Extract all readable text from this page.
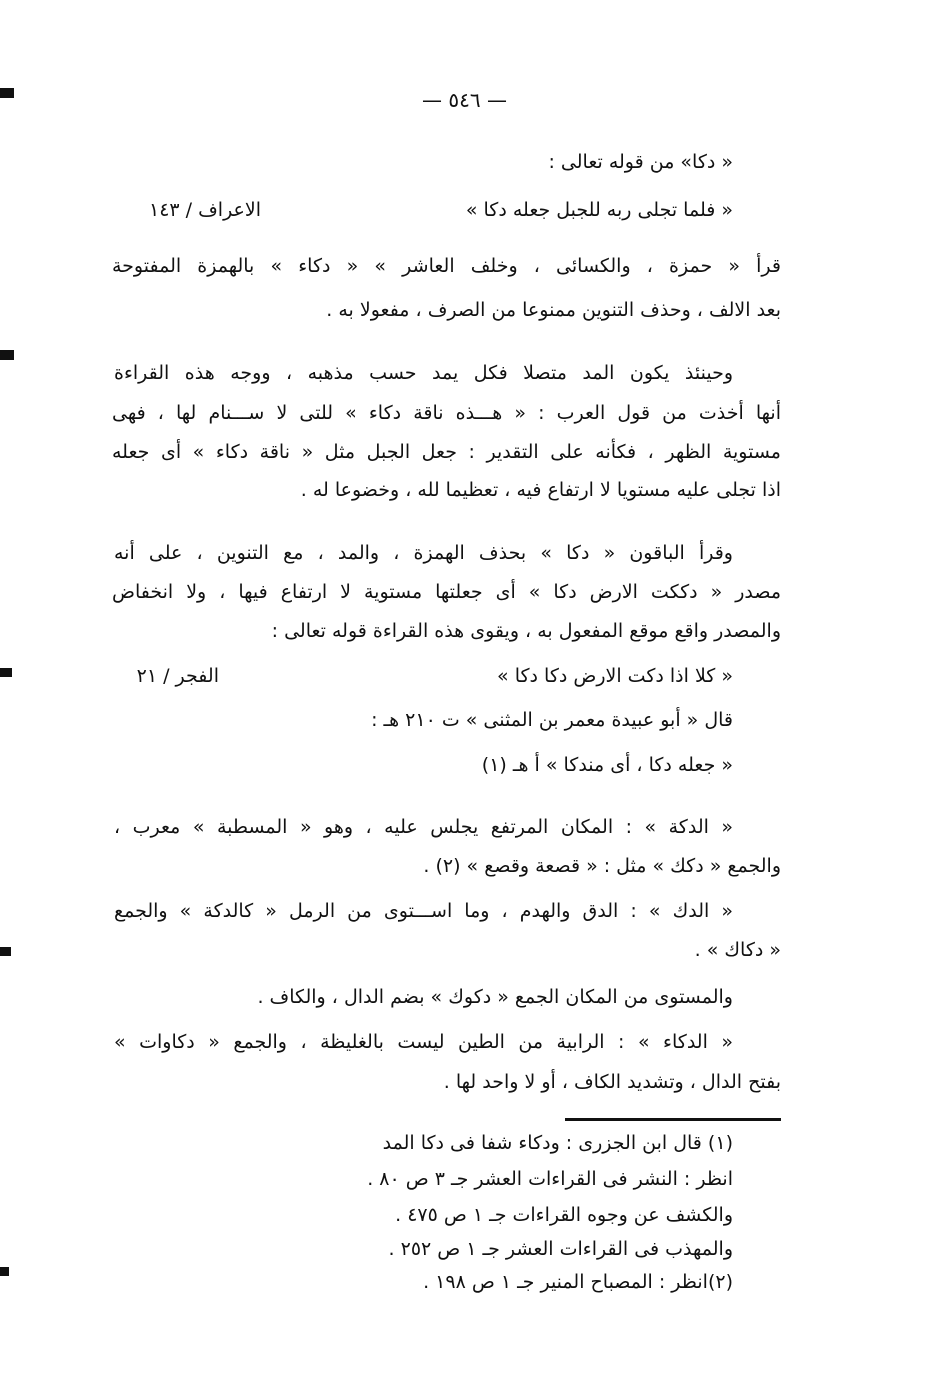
— ٥٤٦ —
« دكا» من قوله تعالى :
« فلما تجلى ربه للجبل جعله دكا »
الاعراف / ١٤٣
قرأ « حمزة ، والكسائى ، وخلف العاشر » « دكاء » بالهمزة المفتوحة
بعد الالف ، وحذف التنوين ممنوعا من الصرف ، مفعولا به .
وحينئذ يكون المد متصلا فكل يمد حسب مذهبه ، ووجه هذه القراءة
أنها أخذت من قول العرب : « هـــذه ناقة دكاء » للتى لا ســـنام لها ، فهى
مستوية الظهر ، فكأنه على التقدير : جعل الجبل مثل « ناقة دكاء » أى جعله
اذا تجلى عليه مستويا لا ارتفاع فيه ، تعظيما لله ، وخضوعا له .
وقرأ الباقون « دكا » بحذف الهمزة ، والمد ، مع التنوين ، على أنه
مصدر « دككت الارض دكا » أى جعلتها مستوية لا ارتفاع فيها ، ولا انخفاض
والمصدر واقع موقع المفعول به ، ويقوى هذه القراءة قوله تعالى :
« كلا اذا دكت الارض دكا دكا »
الفجر / ٢١
قال « أبو عبيدة معمر بن المثنى » ت ٢١٠ هـ :
« جعله دكا ، أى مندكا » أ هـ (١)
« الدكة » : المكان المرتفع يجلس عليه ، وهو « المسطبة » معرب ،
والجمع « دكك » مثل : « قصعة وقصع » (٢) .
« الدك » : الدق والهدم ، وما اســـتوى من الرمل « كالدكة » والجمع
« دكاك » .
والمستوى من المكان الجمع « دكوك » بضم الدال ، والكاف .
« الدكاء » : الرابية من الطين ليست بالغليظة ، والجمع « دكاوات »
بفتح الدال ، وتشديد الكاف ، أو لا واحد لها .
(١) قال ابن الجزرى : ودكاء شفا فى دكا المد
انظر : النشر فى القراءات العشر جـ ٣ ص ٨٠ .
والكشف عن وجوه القراءات جـ ١ ص ٤٧٥ .
والمهذب فى القراءات العشر جـ ١ ص ٢٥٢ .
(٢)انظر : المصباح المنير جـ ١ ص ١٩٨ .
